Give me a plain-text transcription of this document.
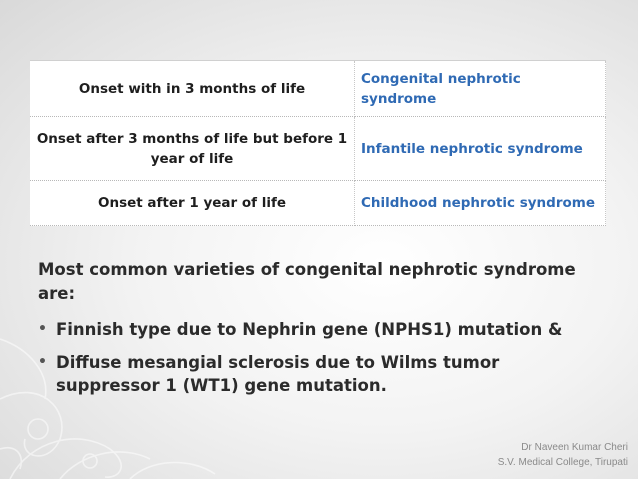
Onset with in 3 months of life	Congenital nephrotic syndrome
Onset after 3 months of life but before 1 year of life	Infantile nephrotic syndrome
Onset after 1 year of life	Childhood nephrotic syndrome
Most common varieties of congenital nephrotic syndrome are:
• Finnish type due to Nephrin gene (NPHS1) mutation &
• Diffuse mesangial sclerosis due to Wilms tumor suppressor 1 (WT1) gene mutation.
Dr Naveen Kumar Cheri
S.V. Medical College, Tirupati
